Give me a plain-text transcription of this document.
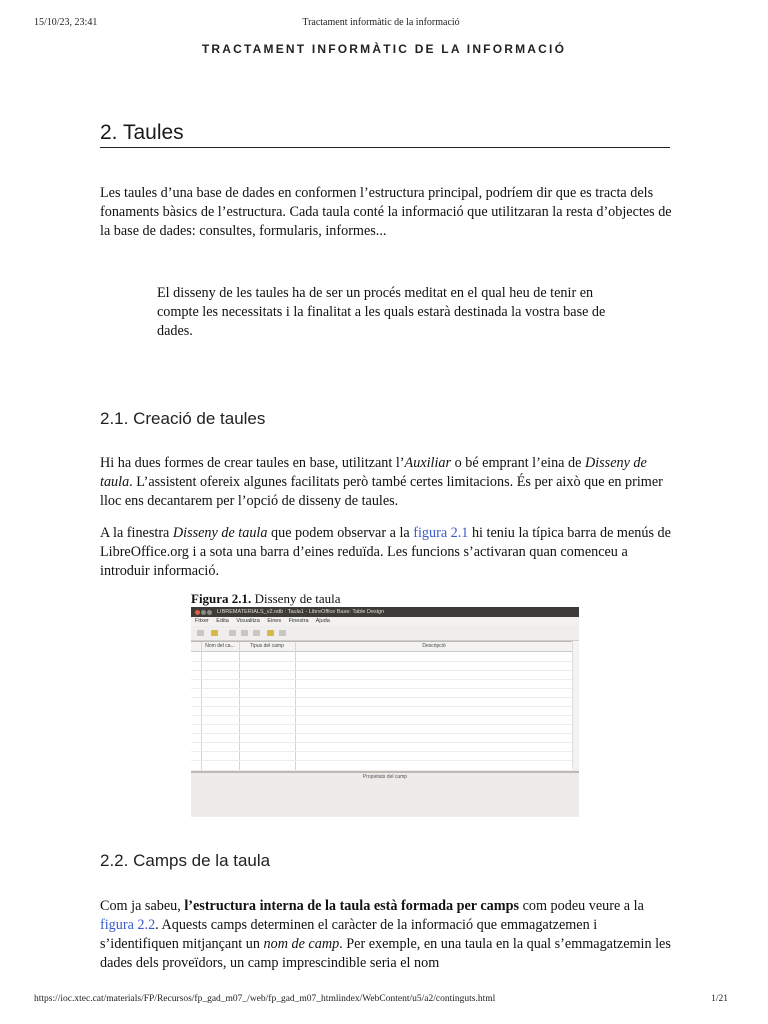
15/10/23, 23:41	Tractament informàtic de la informació
TRACTAMENT INFORMÀTIC DE LA INFORMACIÓ
2. Taules
Les taules d’una base de dades en conformen l’estructura principal, podríem dir que es tracta dels fonaments bàsics de l’estructura. Cada taula conté la informació que utilitzaran la resta d’objectes de la base de dades: consultes, formularis, informes...
El disseny de les taules ha de ser un procés meditat en el qual heu de tenir en compte les necessitats i la finalitat a les quals estarà destinada la vostra base de dades.
2.1. Creació de taules
Hi ha dues formes de crear taules en base, utilitzant l’Auxiliar o bé emprant l’eina de Disseny de taula. L’assistent ofereix algunes facilitats però també certes limitacions. És per això que en primer lloc ens decantarem per l’opció de disseny de taules.
A la finestra Disseny de taula que podem observar a la figura 2.1 hi teniu la típica barra de menús de LibreOffice.org i a sota una barra d’eines reduïda. Les funcions s’activaran quan comenceu a introduir informació.
Figura 2.1. Disseny de taula
LIBREMATERIALS_v2.odb : Taula1 - LibreOffice Base: Table Design
Fitxer Edita Visualitza Eines Finestra Ajuda
Nom del ca...	Tipus del camp	Descripció
Propietats del camp
2.2. Camps de la taula
Com ja sabeu, l’estructura interna de la taula està formada per camps com podeu veure a la figura 2.2. Aquests camps determinen el caràcter de la informació que emmagatzemen i s’identifiquen mitjançant un nom de camp. Per exemple, en una taula en la qual s’emmagatzemin les dades dels proveïdors, un camp imprescindible seria el nom
https://ioc.xtec.cat/materials/FP/Recursos/fp_gad_m07_/web/fp_gad_m07_htmlindex/WebContent/u5/a2/continguts.html	1/21
